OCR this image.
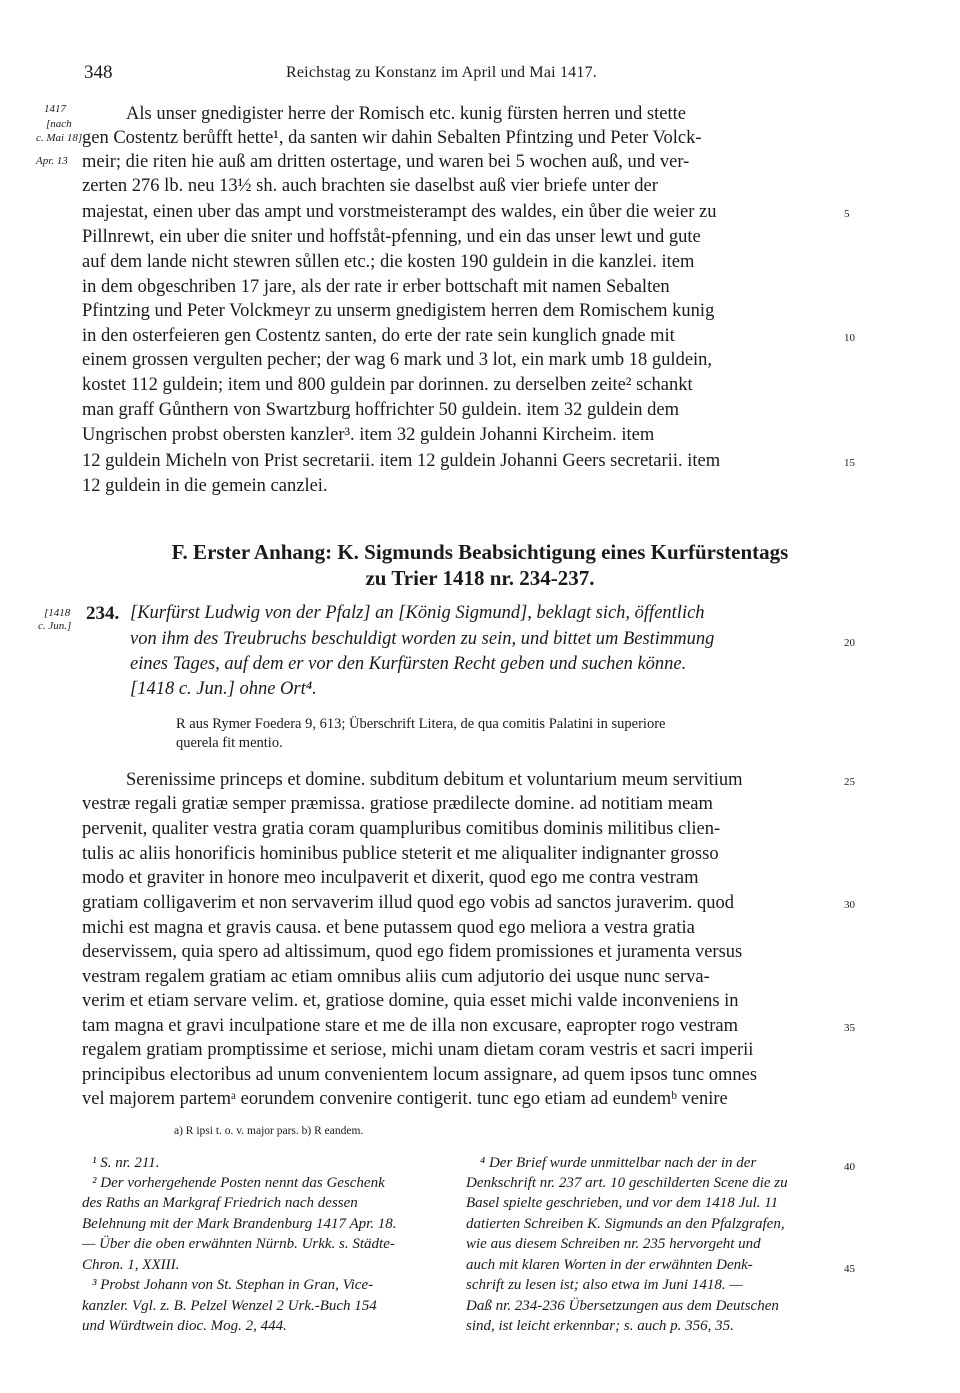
348	Reichstag zu Konstanz im April und Mai 1417.
1417
[nach
c. Mai 18]
Apr. 13
Als unser gnedigister herre der Romisch etc. kunig fürsten herren und stette
gen Costentz berůfft hette¹, da santen wir dahin Sebalten Pfintzing und Peter Volck-
meir; die riten hie auß am dritten ostertage, und waren bei 5 wochen auß, und ver-
zerten 276 lb. neu 13½ sh. auch brachten sie daselbst auß vier briefe unter der
majestat, einen uber das ampt und vorstmeisterampt des waldes, ein ůber die weier zu
Pillnrewt, ein uber die sniter und hoffståt-pfenning, und ein das unser lewt und gute
auf dem lande nicht stewren sůllen etc.; die kosten 190 guldein in die kanzlei. item
in dem obgeschriben 17 jare, als der rate ir erber bottschaft mit namen Sebalten
Pfintzing und Peter Volckmeyr zu unserm gnedigistem herren dem Romischem kunig
in den osterfeieren gen Costentz santen, do erte der rate sein kunglich gnade mit
einem grossen vergulten pecher; der wag 6 mark und 3 lot, ein mark umb 18 guldein,
kostet 112 guldein; item und 800 guldein par dorinnen. zu derselben zeite² schankt
man graff Gůnthern von Swartzburg hoffrichter 50 guldein. item 32 guldein dem
Ungrischen probst obersten kanzler³. item 32 guldein Johanni Kircheim. item
12 guldein Micheln von Prist secretarii. item 12 guldein Johanni Geers secretarii. item
12 guldein in die gemein canzlei.
F. Erster Anhang: K. Sigmunds Beabsichtigung eines Kurfürstentags
zu Trier 1418 nr. 234-237.
[1418
c. Jun.]
234. [Kurfürst Ludwig von der Pfalz] an [König Sigmund], beklagt sich, öffentlich
von ihm des Treubruchs beschuldigt worden zu sein, und bittet um Bestimmung
eines Tages, auf dem er vor den Kurfürsten Recht geben und suchen könne.
[1418 c. Jun.] ohne Ort⁴.
R aus Rymer Foedera 9, 613; Überschrift Litera, de qua comitis Palatini in superiore
querela fit mentio.
Serenissime princeps et domine. subditum debitum et voluntarium meum servitium
vestræ regali gratiæ semper præmissa. gratiose prædilecte domine. ad notitiam meam
pervenit, qualiter vestra gratia coram quampluribus comitibus dominis militibus clien-
tulis ac aliis honorificis hominibus publice steterit et me aliqualiter indignanter grosso
modo et graviter in honore meo inculpaverit et dixerit, quod ego me contra vestram
gratiam colligaverim et non servaverim illud quod ego vobis ad sanctos juraverim. quod
michi est magna et gravis causa. et bene putassem quod ego meliora a vestra gratia
deservissem, quia spero ad altissimum, quod ego fidem promissiones et juramenta versus
vestram regalem gratiam ac etiam omnibus aliis cum adjutorio dei usque nunc serva-
verim et etiam servare velim. et, gratiose domine, quia esset michi valde inconveniens in
tam magna et gravi inculpatione stare et me de illa non excusare, eapropter rogo vestram
regalem gratiam promptissime et seriose, michi unam dietam coram vestris et sacri imperii
principibus electoribus ad unum convenientem locum assignare, ad quem ipsos tunc omnes
vel majorem partemᵃ eorundem convenire contigerit. tunc ego etiam ad eundemᵇ venire
a) R ipsi t. o. v. major pars. b) R eandem.
¹ S. nr. 211.
² Der vorhergehende Posten nennt das Geschenk
des Raths an Markgraf Friedrich nach dessen
Belehnung mit der Mark Brandenburg 1417 Apr. 18.
— Über die oben erwähnten Nürnb. Urkk. s. Städte-
Chron. 1, XXIII.
³ Probst Johann von St. Stephan in Gran, Vice-
kanzler. Vgl. z. B. Pelzel Wenzel 2 Urk.-Buch 154
und Würdtwein dioc. Mog. 2, 444.
⁴ Der Brief wurde unmittelbar nach der in der
Denkschrift nr. 237 art. 10 geschilderten Scene die zu
Basel spielte geschrieben, und vor dem 1418 Jul. 11
datierten Schreiben K. Sigmunds an den Pfalzgrafen,
wie aus diesem Schreiben nr. 235 hervorgeht und
auch mit klaren Worten in der erwähnten Denk-
schrift zu lesen ist; also etwa im Juni 1418. —
Daß nr. 234-236 Übersetzungen aus dem Deutschen
sind, ist leicht erkennbar; s. auch p. 356, 35.
5
10
15
20
25
30
35
40
45
